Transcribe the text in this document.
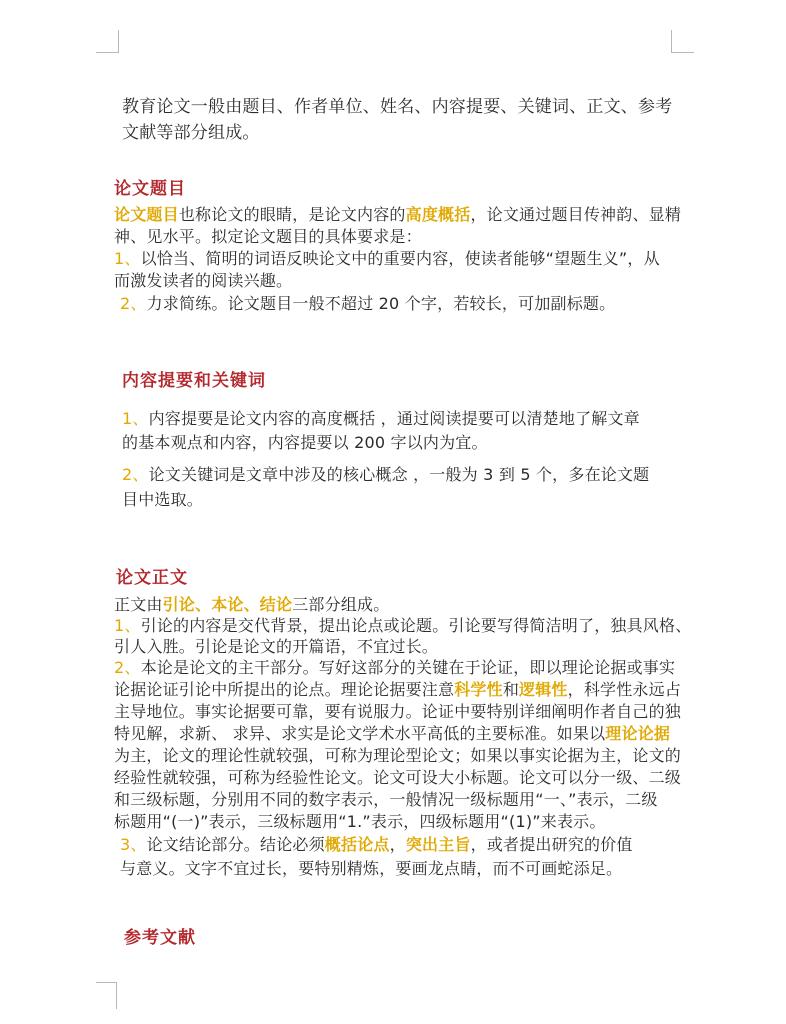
教育论文一般由题目、作者单位、姓名、内容提要、关键词、正文、参考
文献等部分组成。
论文题目
论文题目也称论文的眼睛，是论文内容的高度概括，论文通过题目传神韵、显精
神、见水平。拟定论文题目的具体要求是：
1、以恰当、简明的词语反映论文中的重要内容，使读者能够“望题生义”，从
而激发读者的阅读兴趣。
2、力求简练。论文题目一般不超过 20 个字，若较长，可加副标题。
内容提要和关键词
1、内容提要是论文内容的高度概括 ，通过阅读提要可以清楚地了解文章
的基本观点和内容，内容提要以 200 字以内为宜。
2、论文关键词是文章中涉及的核心概念 ，一般为 3 到 5 个，多在论文题
目中选取。
论文正文
正文由引论、本论、结论三部分组成。
1、引论的内容是交代背景，提出论点或论题。引论要写得简洁明了，独具风格、
引人入胜。引论是论文的开篇语，不宜过长。
2、本论是论文的主干部分。写好这部分的关键在于论证，即以理论论据或事实
论据论证引论中所提出的论点。理论论据要注意科学性和逻辑性，科学性永远占
主导地位。事实论据要可靠，要有说服力。论证中要特别详细阐明作者自己的独
特见解，求新、 求异、求实是论文学术水平高低的主要标准。如果以理论论据
为主，论文的理论性就较强，可称为理论型论文；如果以事实论据为主，论文的
经验性就较强，可称为经验性论文。论文可设大小标题。论文可以分一级、二级
和三级标题，分别用不同的数字表示，一般情况一级标题用“一、”表示，二级
标题用“(一)”表示，三级标题用“1.”表示，四级标题用“(1)”来表示。
3、论文结论部分。结论必须概括论点，突出主旨，或者提出研究的价值
与意义。文字不宜过长，要特别精炼，要画龙点睛，而不可画蛇添足。
参考文献
